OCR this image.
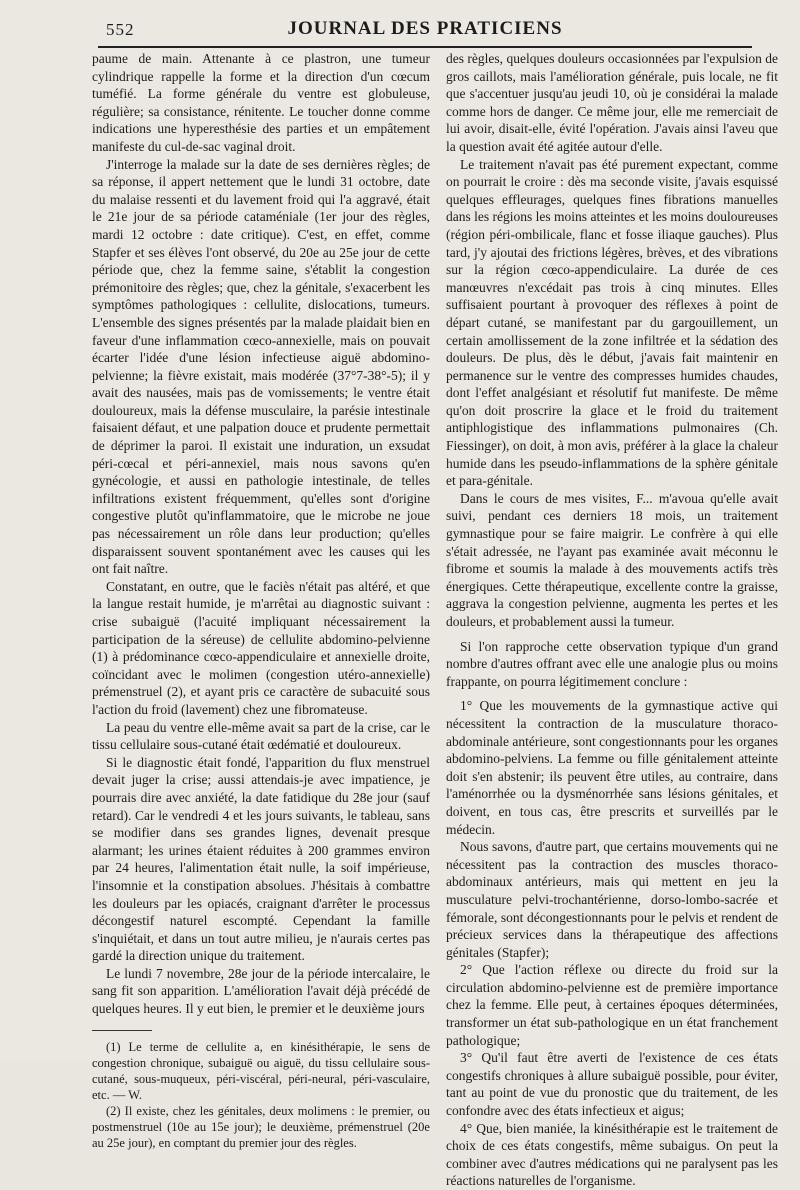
552	JOURNAL DES PRATICIENS

paume de main. Attenante à ce plastron, une tumeur cylindrique rappelle la forme et la direction d'un cœcum tuméfié. La forme générale du ventre est globuleuse, régulière; sa consistance, rénitente. Le toucher donne comme indications une hyperesthésie des parties et un empâtement manifeste du cul-de-sac vaginal droit.

J'interroge la malade sur la date de ses dernières règles; de sa réponse, il appert nettement que le lundi 31 octobre, date du malaise ressenti et du lavement froid qui l'a aggravé, était le 21e jour de sa période cataméniale (1er jour des règles, mardi 12 octobre : date critique). C'est, en effet, comme Stapfer et ses élèves l'ont observé, du 20e au 25e jour de cette période que, chez la femme saine, s'établit la congestion prémonitoire des règles; que, chez la génitale, s'exacerbent les symptômes pathologiques : cellulite, dislocations, tumeurs. L'ensemble des signes présentés par la malade plaidait bien en faveur d'une inflammation cœco-annexielle, mais on pouvait écarter l'idée d'une lésion infectieuse aiguë abdomino-pelvienne; la fièvre existait, mais modérée (37°7-38°-5); il y avait des nausées, mais pas de vomissements; le ventre était douloureux, mais la défense musculaire, la parésie intestinale faisaient défaut, et une palpation douce et prudente permettait de déprimer la paroi. Il existait une induration, un exsudat péri-cœcal et péri-annexiel, mais nous savons qu'en gynécologie, et aussi en pathologie intestinale, de telles infiltrations existent fréquemment, qu'elles sont d'origine congestive plutôt qu'inflammatoire, que le microbe ne joue pas nécessairement un rôle dans leur production; qu'elles disparaissent souvent spontanément avec les causes qui les ont fait naître.

Constatant, en outre, que le faciès n'était pas altéré, et que la langue restait humide, je m'arrêtai au diagnostic suivant : crise subaiguë (l'acuité impliquant nécessairement la participation de la séreuse) de cellulite abdomino-pelvienne (1) à prédominance cœco-appendiculaire et annexielle droite, coïncidant avec le molimen (congestion utéro-annexielle) prémenstruel (2), et ayant pris ce caractère de subacuité sous l'action du froid (lavement) chez une fibromateuse.

La peau du ventre elle-même avait sa part de la crise, car le tissu cellulaire sous-cutané était œdématié et douloureux.

Si le diagnostic était fondé, l'apparition du flux menstruel devait juger la crise; aussi attendais-je avec impatience, je pourrais dire avec anxiété, la date fatidique du 28e jour (sauf retard). Car le vendredi 4 et les jours suivants, le tableau, sans se modifier dans ses grandes lignes, devenait presque alarmant; les urines étaient réduites à 200 grammes environ par 24 heures, l'alimentation était nulle, la soif impérieuse, l'insomnie et la constipation absolues. J'hésitais à combattre les douleurs par les opiacés, craignant d'arrêter le processus décongestif naturel escompté. Cependant la famille s'inquiétait, et dans un tout autre milieu, je n'aurais certes pas gardé la direction unique du traitement.

Le lundi 7 novembre, 28e jour de la période intercalaire, le sang fit son apparition. L'amélioration l'avait déjà précédé de quelques heures. Il y eut bien, le premier et le deuxième jours

(1) Le terme de cellulite a, en kinésithérapie, le sens de congestion chronique, subaiguë ou aiguë, du tissu cellulaire sous-cutané, sous-muqueux, péri-viscéral, péri-neural, péri-vasculaire, etc. — W.

(2) Il existe, chez les génitales, deux molimens : le premier, ou postmenstruel (10e au 15e jour); le deuxième, prémenstruel (20e au 25e jour), en comptant du premier jour des règles.

des règles, quelques douleurs occasionnées par l'expulsion de gros caillots, mais l'amélioration générale, puis locale, ne fit que s'accentuer jusqu'au jeudi 10, où je considérai la malade comme hors de danger. Ce même jour, elle me remerciait de lui avoir, disait-elle, évité l'opération. J'avais ainsi l'aveu que la question avait été agitée autour d'elle.

Le traitement n'avait pas été purement expectant, comme on pourrait le croire : dès ma seconde visite, j'avais esquissé quelques effleurages, quelques fines fibrations manuelles dans les régions les moins atteintes et les moins douloureuses (région péri-ombilicale, flanc et fosse iliaque gauches). Plus tard, j'y ajoutai des frictions légères, brèves, et des vibrations sur la région cœco-appendiculaire. La durée de ces manœuvres n'excédait pas trois à cinq minutes. Elles suffisaient pourtant à provoquer des réflexes à point de départ cutané, se manifestant par du gargouillement, un certain amollissement de la zone infiltrée et la sédation des douleurs. De plus, dès le début, j'avais fait maintenir en permanence sur le ventre des compresses humides chaudes, dont l'effet analgésiant et résolutif fut manifeste. De même qu'on doit proscrire la glace et le froid du traitement antiphlogistique des inflammations pulmonaires (Ch. Fiessinger), on doit, à mon avis, préférer à la glace la chaleur humide dans les pseudo-inflammations de la sphère génitale et para-génitale.

Dans le cours de mes visites, F... m'avoua qu'elle avait suivi, pendant ces derniers 18 mois, un traitement gymnastique pour se faire maigrir. Le confrère à qui elle s'était adressée, ne l'ayant pas examinée avait méconnu le fibrome et soumis la malade à des mouvements actifs très énergiques. Cette thérapeutique, excellente contre la graisse, aggrava la congestion pelvienne, augmenta les pertes et les douleurs, et probablement aussi la tumeur.

Si l'on rapproche cette observation typique d'un grand nombre d'autres offrant avec elle une analogie plus ou moins frappante, on pourra légitimement conclure :

1° Que les mouvements de la gymnastique active qui nécessitent la contraction de la musculature thoraco-abdominale antérieure, sont congestionnants pour les organes abdomino-pelviens. La femme ou fille génitalement atteinte doit s'en abstenir; ils peuvent être utiles, au contraire, dans l'aménorrhée ou la dysménorrhée sans lésions génitales, et doivent, en tous cas, être prescrits et surveillés par le médecin.

Nous savons, d'autre part, que certains mouvements qui ne nécessitent pas la contraction des muscles thoraco-abdominaux antérieurs, mais qui mettent en jeu la musculature pelvi-trochantérienne, dorso-lombo-sacrée et fémorale, sont décongestionnants pour le pelvis et rendent de précieux services dans la thérapeutique des affections génitales (Stapfer);

2° Que l'action réflexe ou directe du froid sur la circulation abdomino-pelvienne est de première importance chez la femme. Elle peut, à certaines époques déterminées, transformer un état sub-pathologique en un état franchement pathologique;

3° Qu'il faut être averti de l'existence de ces états congestifs chroniques à allure subaiguë possible, pour éviter, tant au point de vue du pronostic que du traitement, de les confondre avec des états infectieux et aigus;

4° Que, bien maniée, la kinésithérapie est le traitement de choix de ces états congestifs, même subaigus. On peut la combiner avec d'autres médications qui ne paralysent pas les réactions naturelles de l'organisme.
